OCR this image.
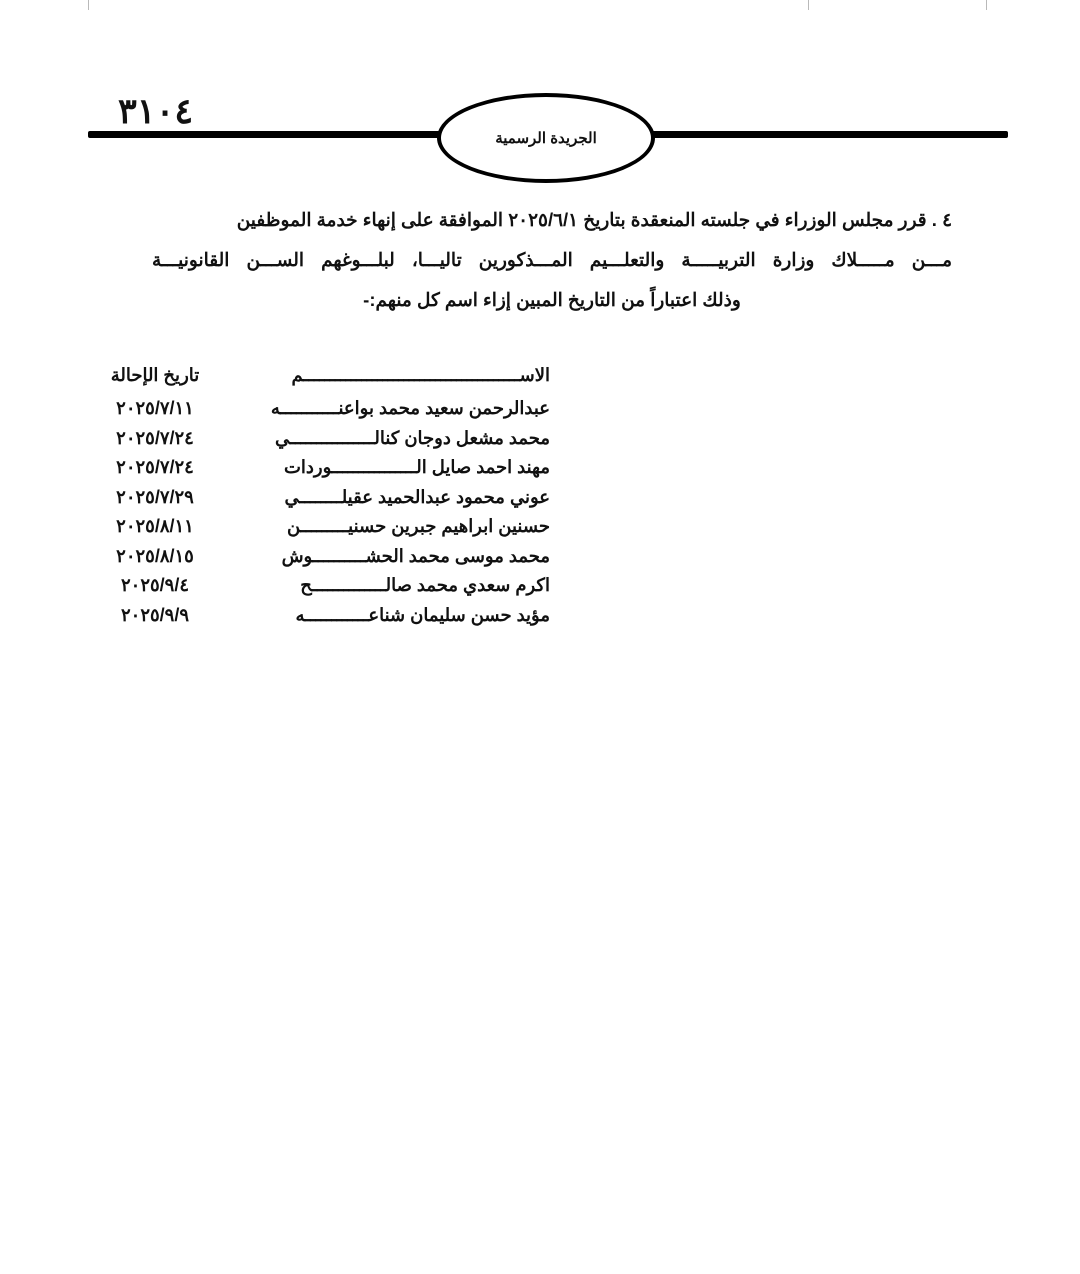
الجريدة الرسمية
٣١٠٤
٤ . قرر مجلس الوزراء في جلسته المنعقدة بتاريخ ٢٠٢٥/٦/١ الموافقة على إنهاء خدمة الموظفين
مـــن مـــــلاك وزارة التربيـــــة والتعلـــيم المـــذكورين تاليـــا، لبلـــوغهم الســـن القانونيـــة
وذلك اعتباراً من التاريخ المبين إزاء اسم كل منهم:-
الاســـــــــــــــــــــــــــــــــــــــــم
تاريخ الإحالة
عبدالرحمن سعيد محمد بواعنـــــــــــه
٢٠٢٥/٧/١١
محمد مشعل دوجان كنالــــــــــــــــي
٢٠٢٥/٧/٢٤
مهند احمد صايل الــــــــــــــــوردات
٢٠٢٥/٧/٢٤
عوني محمود عبدالحميد عقيلــــــــي
٢٠٢٥/٧/٢٩
حسنين ابراهيم جبرين حسنيـــــــــن
٢٠٢٥/٨/١١
محمد موسى محمد الحشــــــــــوش
٢٠٢٥/٨/١٥
اكرم سعدي محمد صالــــــــــــــح
٢٠٢٥/٩/٤
مؤيد حسن سليمان شناعــــــــــــه
٢٠٢٥/٩/٩
